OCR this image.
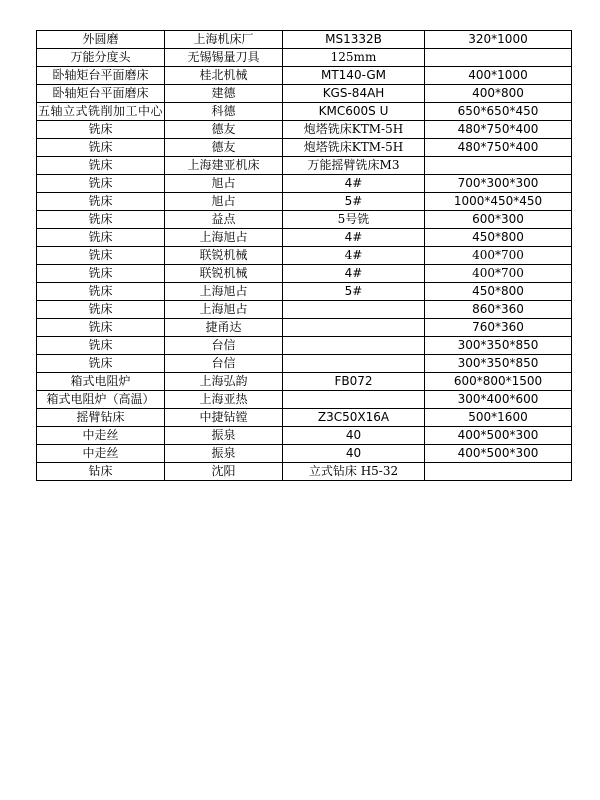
外圆磨	上海机床厂	MS1332B	320*1000
万能分度头	无锡锡量刀具	125mm	
卧轴矩台平面磨床	桂北机械	MT140-GM	400*1000
卧轴矩台平面磨床	建德	KGS-84AH	400*800
五轴立式铣削加工中心	科德	KMC600S U	650*650*450
铣床	德友	炮塔铣床KTM-5H	480*750*400
铣床	德友	炮塔铣床KTM-5H	480*750*400
铣床	上海建亚机床	万能摇臂铣床M3	
铣床	旭占	4#	700*300*300
铣床	旭占	5#	1000*450*450
铣床	益点	5号铣	600*300
铣床	上海旭占	4#	450*800
铣床	联锐机械	4#	400*700
铣床	联锐机械	4#	400*700
铣床	上海旭占	5#	450*800
铣床	上海旭占		860*360
铣床	捷甬达		760*360
铣床	台信		300*350*850
铣床	台信		300*350*850
箱式电阻炉	上海弘韵	FB072	600*800*1500
箱式电阻炉（高温）	上海亚热		300*400*600
摇臂钻床	中捷钻镗	Z3C50X16A	500*1600
中走丝	振泉	40	400*500*300
中走丝	振泉	40	400*500*300
钻床	沈阳	立式钻床 H5-32	
